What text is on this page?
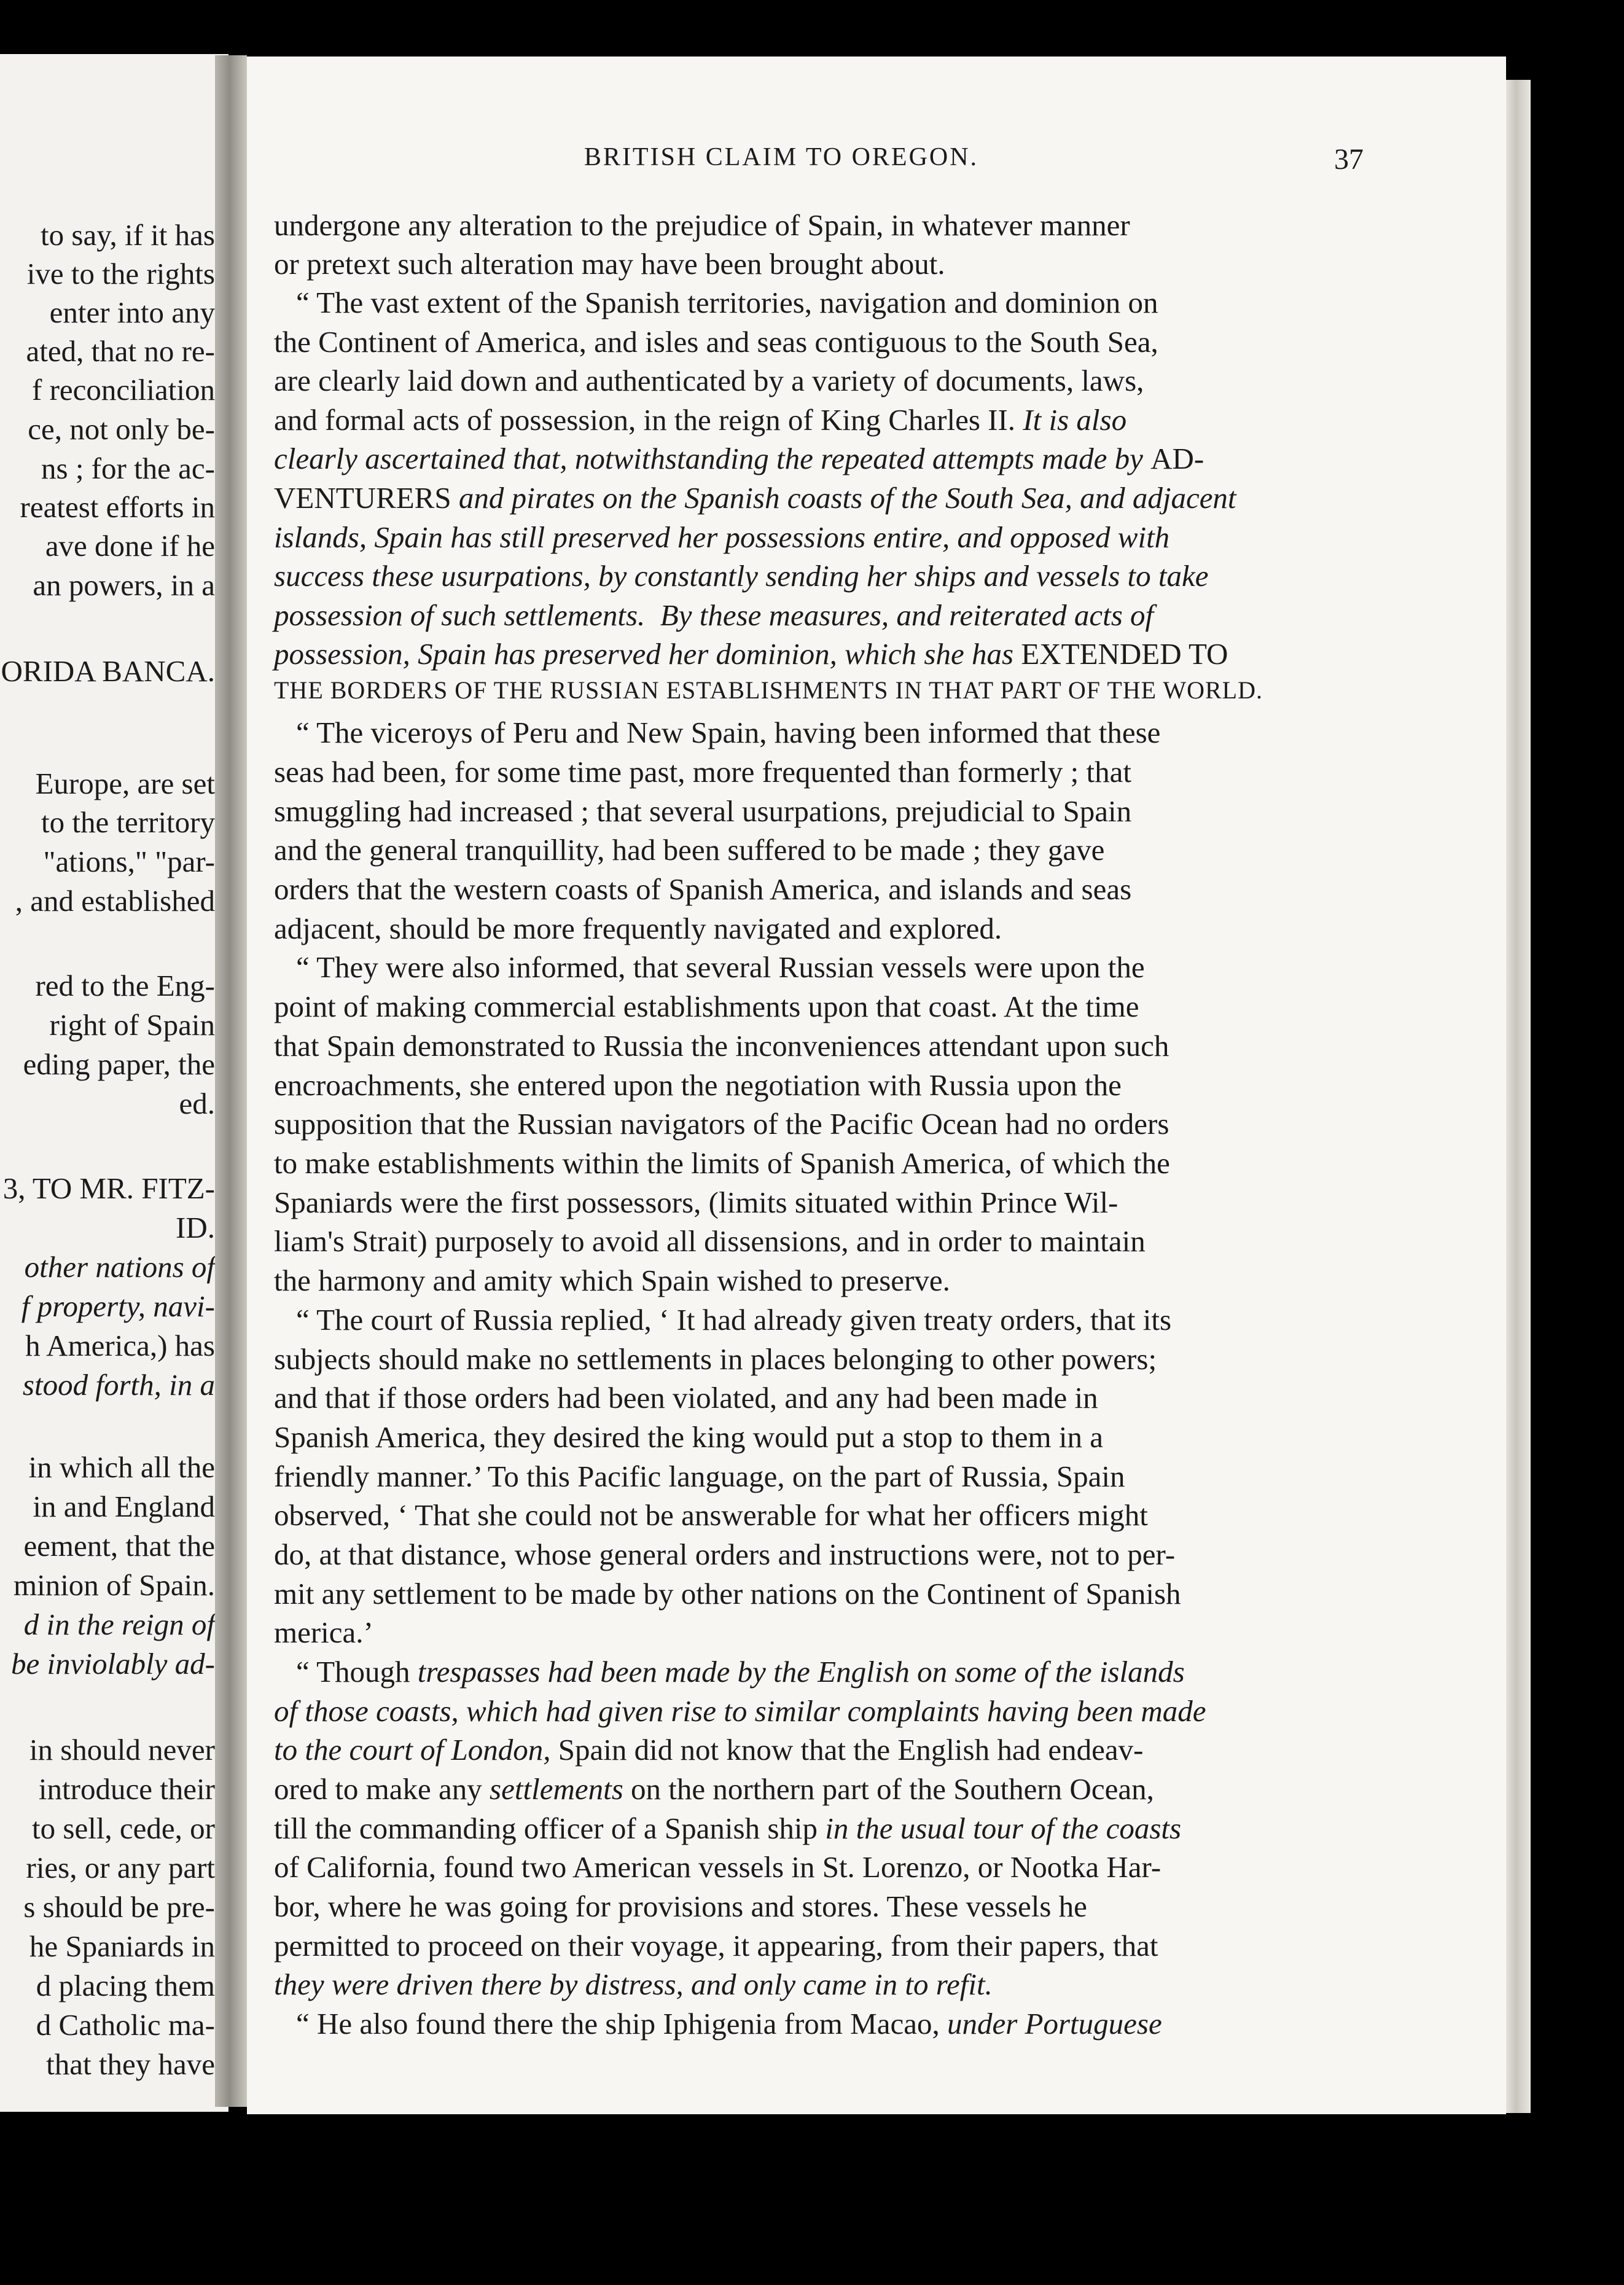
to say, if it has
ive to the rights
enter into any
ated, that no re-
f reconciliation
ce, not only be-
ns ; for the ac-
reatest efforts in
ave done if he
an powers, in a
ORIDA BANCA.
Europe, are set
to the territory
"ations," "par-
, and established
red to the Eng-
right of Spain
eding paper, the
ed.
3, TO MR. FITZ-
ID.
other nations of
f property, navi-
h America,) has
stood forth, in a
in which all the
in and England
eement, that the
minion of Spain.
d in the reign of
be inviolably ad-
in should never
introduce their
to sell, cede, or
ries, or any part
s should be pre-
he Spaniards in
d placing them
d Catholic ma-
that they have
BRITISH CLAIM TO OREGON.	37
undergone any alteration to the prejudice of Spain, in whatever manner
or pretext such alteration may have been brought about.
“ The vast extent of the Spanish territories, navigation and dominion on
the Continent of America, and isles and seas contiguous to the South Sea,
are clearly laid down and authenticated by a variety of documents, laws,
and formal acts of possession, in the reign of King Charles II. It is also
clearly ascertained that, notwithstanding the repeated attempts made by AD-
VENTURERS and pirates on the Spanish coasts of the South Sea, and adjacent
islands, Spain has still preserved her possessions entire, and opposed with
success these usurpations, by constantly sending her ships and vessels to take
possession of such settlements. By these measures, and reiterated acts of
possession, Spain has preserved her dominion, which she has EXTENDED TO
THE BORDERS OF THE RUSSIAN ESTABLISHMENTS IN THAT PART OF THE WORLD.
“ The viceroys of Peru and New Spain, having been informed that these
seas had been, for some time past, more frequented than formerly ; that
smuggling had increased ; that several usurpations, prejudicial to Spain
and the general tranquillity, had been suffered to be made ; they gave
orders that the western coasts of Spanish America, and islands and seas
adjacent, should be more frequently navigated and explored.
“ They were also informed, that several Russian vessels were upon the
point of making commercial establishments upon that coast. At the time
that Spain demonstrated to Russia the inconveniences attendant upon such
encroachments, she entered upon the negotiation with Russia upon the
supposition that the Russian navigators of the Pacific Ocean had no orders
to make establishments within the limits of Spanish America, of which the
Spaniards were the first possessors, (limits situated within Prince Wil-
liam's Strait) purposely to avoid all dissensions, and in order to maintain
the harmony and amity which Spain wished to preserve.
“ The court of Russia replied, ‘ It had already given treaty orders, that its
subjects should make no settlements in places belonging to other powers;
and that if those orders had been violated, and any had been made in
Spanish America, they desired the king would put a stop to them in a
friendly manner.’ To this Pacific language, on the part of Russia, Spain
observed, ‘ That she could not be answerable for what her officers might
do, at that distance, whose general orders and instructions were, not to per-
mit any settlement to be made by other nations on the Continent of Spanish
merica.’
“ Though trespasses had been made by the English on some of the islands
of those coasts, which had given rise to similar complaints having been made
to the court of London, Spain did not know that the English had endeav-
ored to make any settlements on the northern part of the Southern Ocean,
till the commanding officer of a Spanish ship in the usual tour of the coasts
of California, found two American vessels in St. Lorenzo, or Nootka Har-
bor, where he was going for provisions and stores. These vessels he
permitted to proceed on their voyage, it appearing, from their papers, that
they were driven there by distress, and only came in to refit.
“ He also found there the ship Iphigenia from Macao, under Portuguese
